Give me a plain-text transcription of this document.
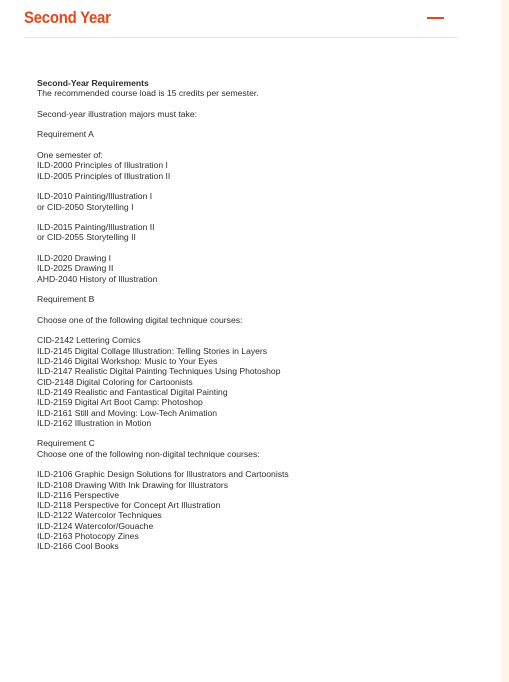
Second Year

Second-Year Requirements
The recommended course load is 15 credits per semester.

Second-year illustration majors must take:

Requirement A

One semester of:
ILD-2000 Principles of Illustration I
ILD-2005 Principles of Illustration II

ILD-2010 Painting/Illustration I
or CID-2050 Storytelling I

ILD-2015 Painting/Illustration II
or CID-2055 Storytelling II

ILD-2020 Drawing I
ILD-2025 Drawing II
AHD-2040 History of Illustration

Requirement B

Choose one of the following digital technique courses:

CID-2142 Lettering Comics
ILD-2145 Digital Collage Illustration: Telling Stories in Layers
ILD-2146 Digital Workshop: Music to Your Eyes
ILD-2147 Realistic Digital Painting Techniques Using Photoshop
CID-2148 Digital Coloring for Cartoonists
ILD-2149 Realistic and Fantastical Digital Painting
ILD-2159 Digital Art Boot Camp: Photoshop
ILD-2161 Still and Moving: Low-Tech Animation
ILD-2162 Illustration in Motion

Requirement C
Choose one of the following non-digital technique courses:

ILD-2106 Graphic Design Solutions for Illustrators and Cartoonists
ILD-2108 Drawing With Ink Drawing for Illustrators
ILD-2116 Perspective
ILD-2118 Perspective for Concept Art Illustration
ILD-2122 Watercolor Techniques
ILD-2124 Watercolor/Gouache
ILD-2163 Photocopy Zines
ILD-2166 Cool Books
